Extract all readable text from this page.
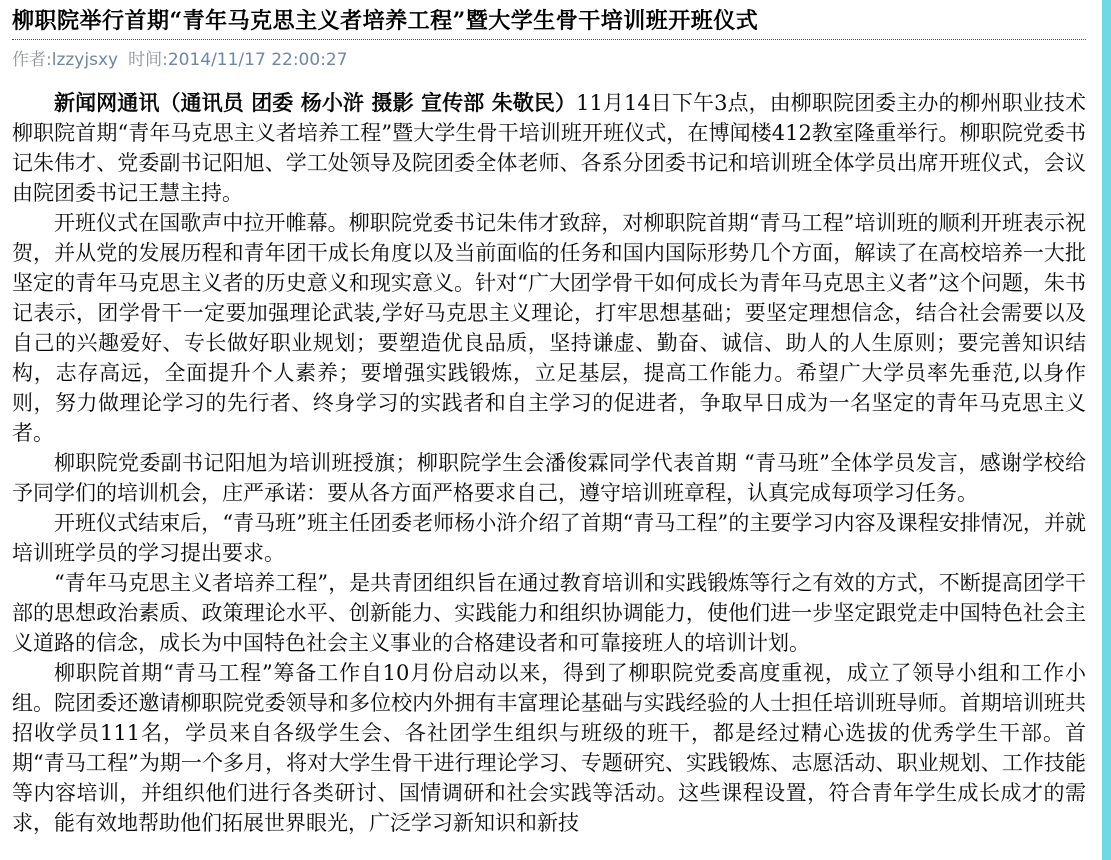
柳职院举行首期“青年马克思主义者培养工程”暨大学生骨干培训班开班仪式
作者:lzzyjsxy 时间:2014/11/17 22:00:27

新闻网通讯（通讯员 团委 杨小浒 摄影 宣传部 朱敬民）11月14日下午3点，由柳职院团委主办的柳州职业技术柳职院首期“青年马克思主义者培养工程”暨大学生骨干培训班开班仪式，在博闻楼412教室隆重举行。柳职院党委书记朱伟才、党委副书记阳旭、学工处领导及院团委全体老师、各系分团委书记和培训班全体学员出席开班仪式，会议由院团委书记王慧主持。

开班仪式在国歌声中拉开帷幕。柳职院党委书记朱伟才致辞，对柳职院首期“青马工程”培训班的顺利开班表示祝贺，并从党的发展历程和青年团干成长角度以及当前面临的任务和国内国际形势几个方面，解读了在高校培养一大批坚定的青年马克思主义者的历史意义和现实意义。针对“广大团学骨干如何成长为青年马克思主义者”这个问题，朱书记表示，团学骨干一定要加强理论武装,学好马克思主义理论，打牢思想基础；要坚定理想信念，结合社会需要以及自己的兴趣爱好、专长做好职业规划；要塑造优良品质，坚持谦虚、勤奋、诚信、助人的人生原则；要完善知识结构，志存高远，全面提升个人素养；要增强实践锻炼，立足基层，提高工作能力。希望广大学员率先垂范,以身作则，努力做理论学习的先行者、终身学习的实践者和自主学习的促进者，争取早日成为一名坚定的青年马克思主义者。

柳职院党委副书记阳旭为培训班授旗；柳职院学生会潘俊霖同学代表首期 “青马班”全体学员发言，感谢学校给予同学们的培训机会，庄严承诺：要从各方面严格要求自己，遵守培训班章程，认真完成每项学习任务。

开班仪式结束后，“青马班”班主任团委老师杨小浒介绍了首期“青马工程”的主要学习内容及课程安排情况，并就培训班学员的学习提出要求。

“青年马克思主义者培养工程”，是共青团组织旨在通过教育培训和实践锻炼等行之有效的方式，不断提高团学干部的思想政治素质、政策理论水平、创新能力、实践能力和组织协调能力，使他们进一步坚定跟党走中国特色社会主义道路的信念，成长为中国特色社会主义事业的合格建设者和可靠接班人的培训计划。

柳职院首期“青马工程”筹备工作自10月份启动以来，得到了柳职院党委高度重视，成立了领导小组和工作小组。院团委还邀请柳职院党委领导和多位校内外拥有丰富理论基础与实践经验的人士担任培训班导师。首期培训班共招收学员111名，学员来自各级学生会、各社团学生组织与班级的班干，都是经过精心选拔的优秀学生干部。首期“青马工程”为期一个多月，将对大学生骨干进行理论学习、专题研究、实践锻炼、志愿活动、职业规划、工作技能等内容培训，并组织他们进行各类研讨、国情调研和社会实践等活动。这些课程设置，符合青年学生成长成才的需求，能有效地帮助他们拓展世界眼光，广泛学习新知识和新技
